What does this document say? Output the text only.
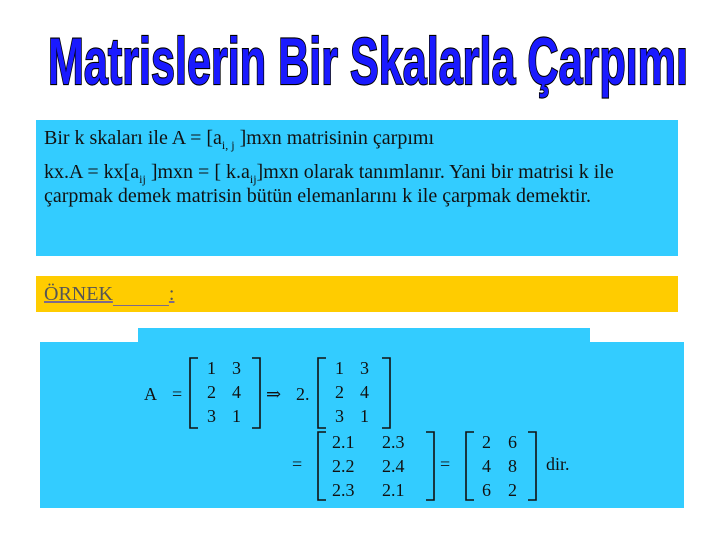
Matrislerin Bir Skalarla Çarpımı

Bir k skaları ile $A = [a_{i, j}$ ]mxn matrisinin çarpımı

$kx.A = kx[a_{ij}$ ]mxn = [ $k.a_{ij}]mxn$ olarak tanımlanır. Yani bir matrisi k ile çarpmak demek matrisin bütün elemanlarını k ile çarpmak demektir.

ÖRNEK	:
A =
1 3
2 4
3 1
⇒ 2.
1 3
2 4
3 1
=
2.1 2.3
2.2 2.4
2.3 2.1
=
2 6
4 8
6 2
dir.
